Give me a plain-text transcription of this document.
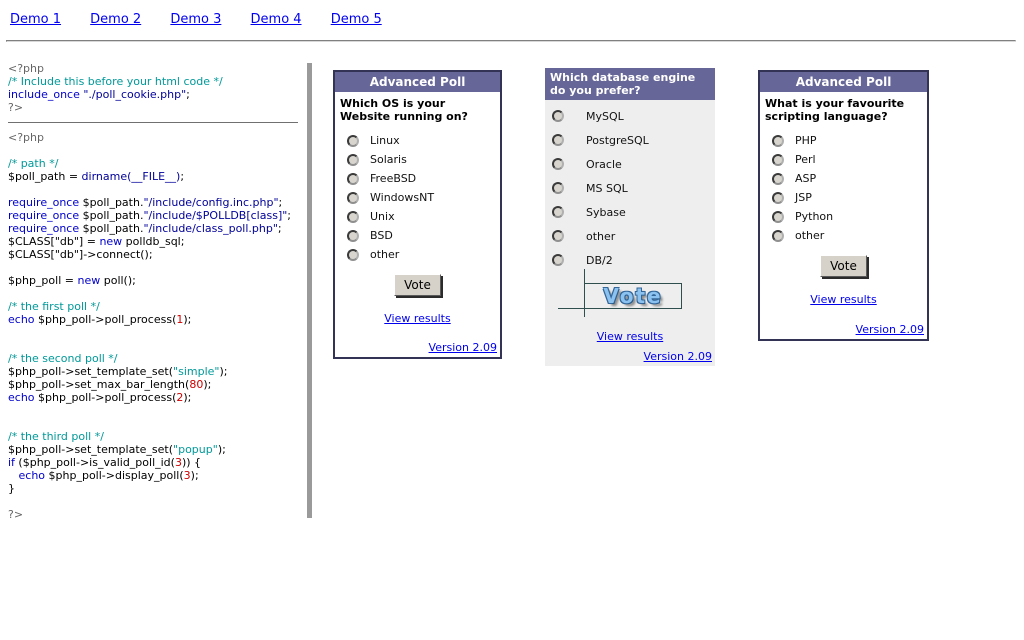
Demo 1 Demo 2 Demo 3 Demo 4 Demo 5
<?php
/* Include this before your html code */
include_once "./poll_cookie.php";
?>
<?php
/* path */
$poll_path = dirname(__FILE__);
require_once $poll_path."/include/config.inc.php";
require_once $poll_path."/include/$POLLDB[class]";
require_once $poll_path."/include/class_poll.php";
$CLASS["db"] = new polldb_sql;
$CLASS["db"]->connect();
$php_poll = new poll();
/* the first poll */
echo $php_poll->poll_process(1);
/* the second poll */
$php_poll->set_template_set("simple");
$php_poll->set_max_bar_length(80);
echo $php_poll->poll_process(2);
/* the third poll */
$php_poll->set_template_set("popup");
if ($php_poll->is_valid_poll_id(3)) {
echo $php_poll->display_poll(3);
}
?>
Advanced Poll
Which OS is your Website running on?
Linux
Solaris
FreeBSD
WindowsNT
Unix
BSD
other
Vote
View results
Version 2.09
Which database engine do you prefer?
MySQL
PostgreSQL
Oracle
MS SQL
Sybase
other
DB/2
Vote
View results
Version 2.09
Advanced Poll
What is your favourite scripting language?
PHP
Perl
ASP
JSP
Python
other
Vote
View results
Version 2.09
